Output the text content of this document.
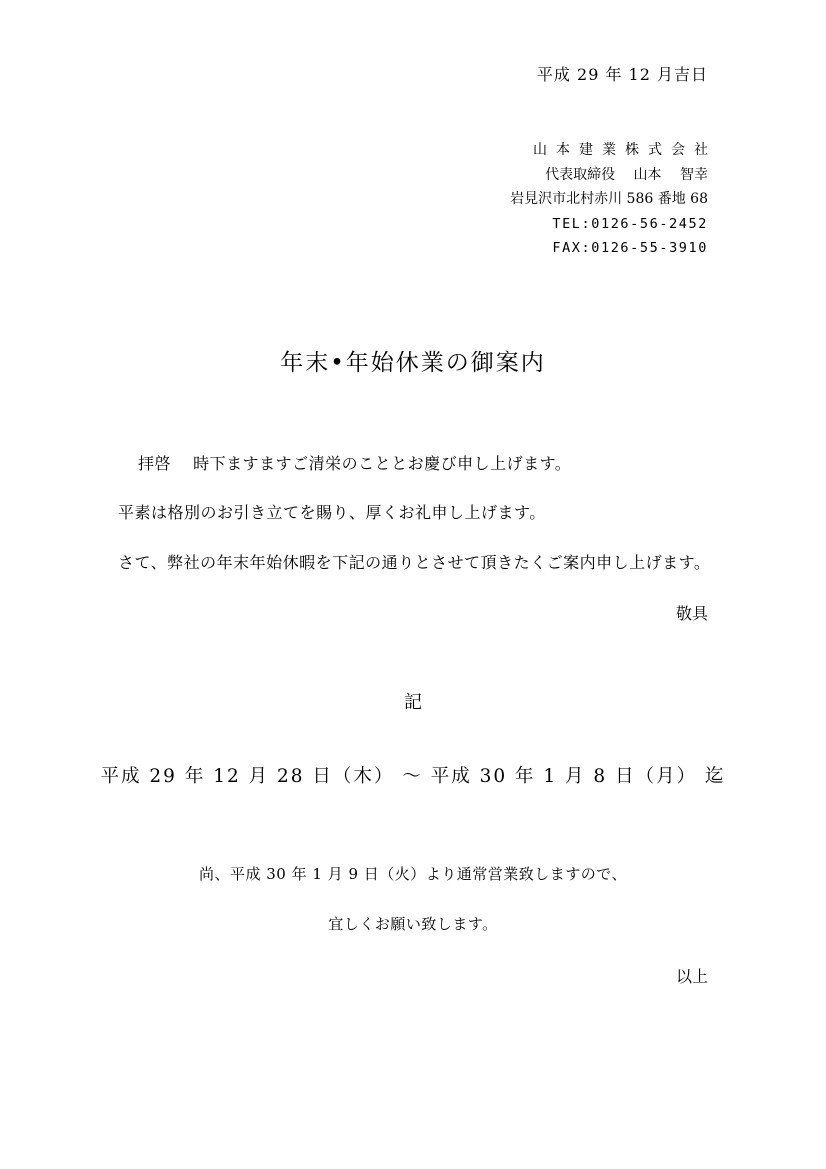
平成 29 年 12 月吉日
山本建業株式会社
代表取締役　 山本　 智幸
岩見沢市北村赤川 586 番地 68
TEL:0126-56-2452
FAX:0126-55-3910
年末•年始休業の御案内
拝啓　 時下ますますご清栄のこととお慶び申し上げます。
平素は格別のお引き立てを賜り、厚くお礼申し上げます。
さて、弊社の年末年始休暇を下記の通りとさせて頂きたくご案内申し上げます。
敬具
記
平成 29 年 12 月 28 日（木） ～ 平成 30 年 1 月 8 日（月） 迄
尚、平成 30 年 1 月 9 日（火）より通常営業致しますので、
宜しくお願い致します。
以上
